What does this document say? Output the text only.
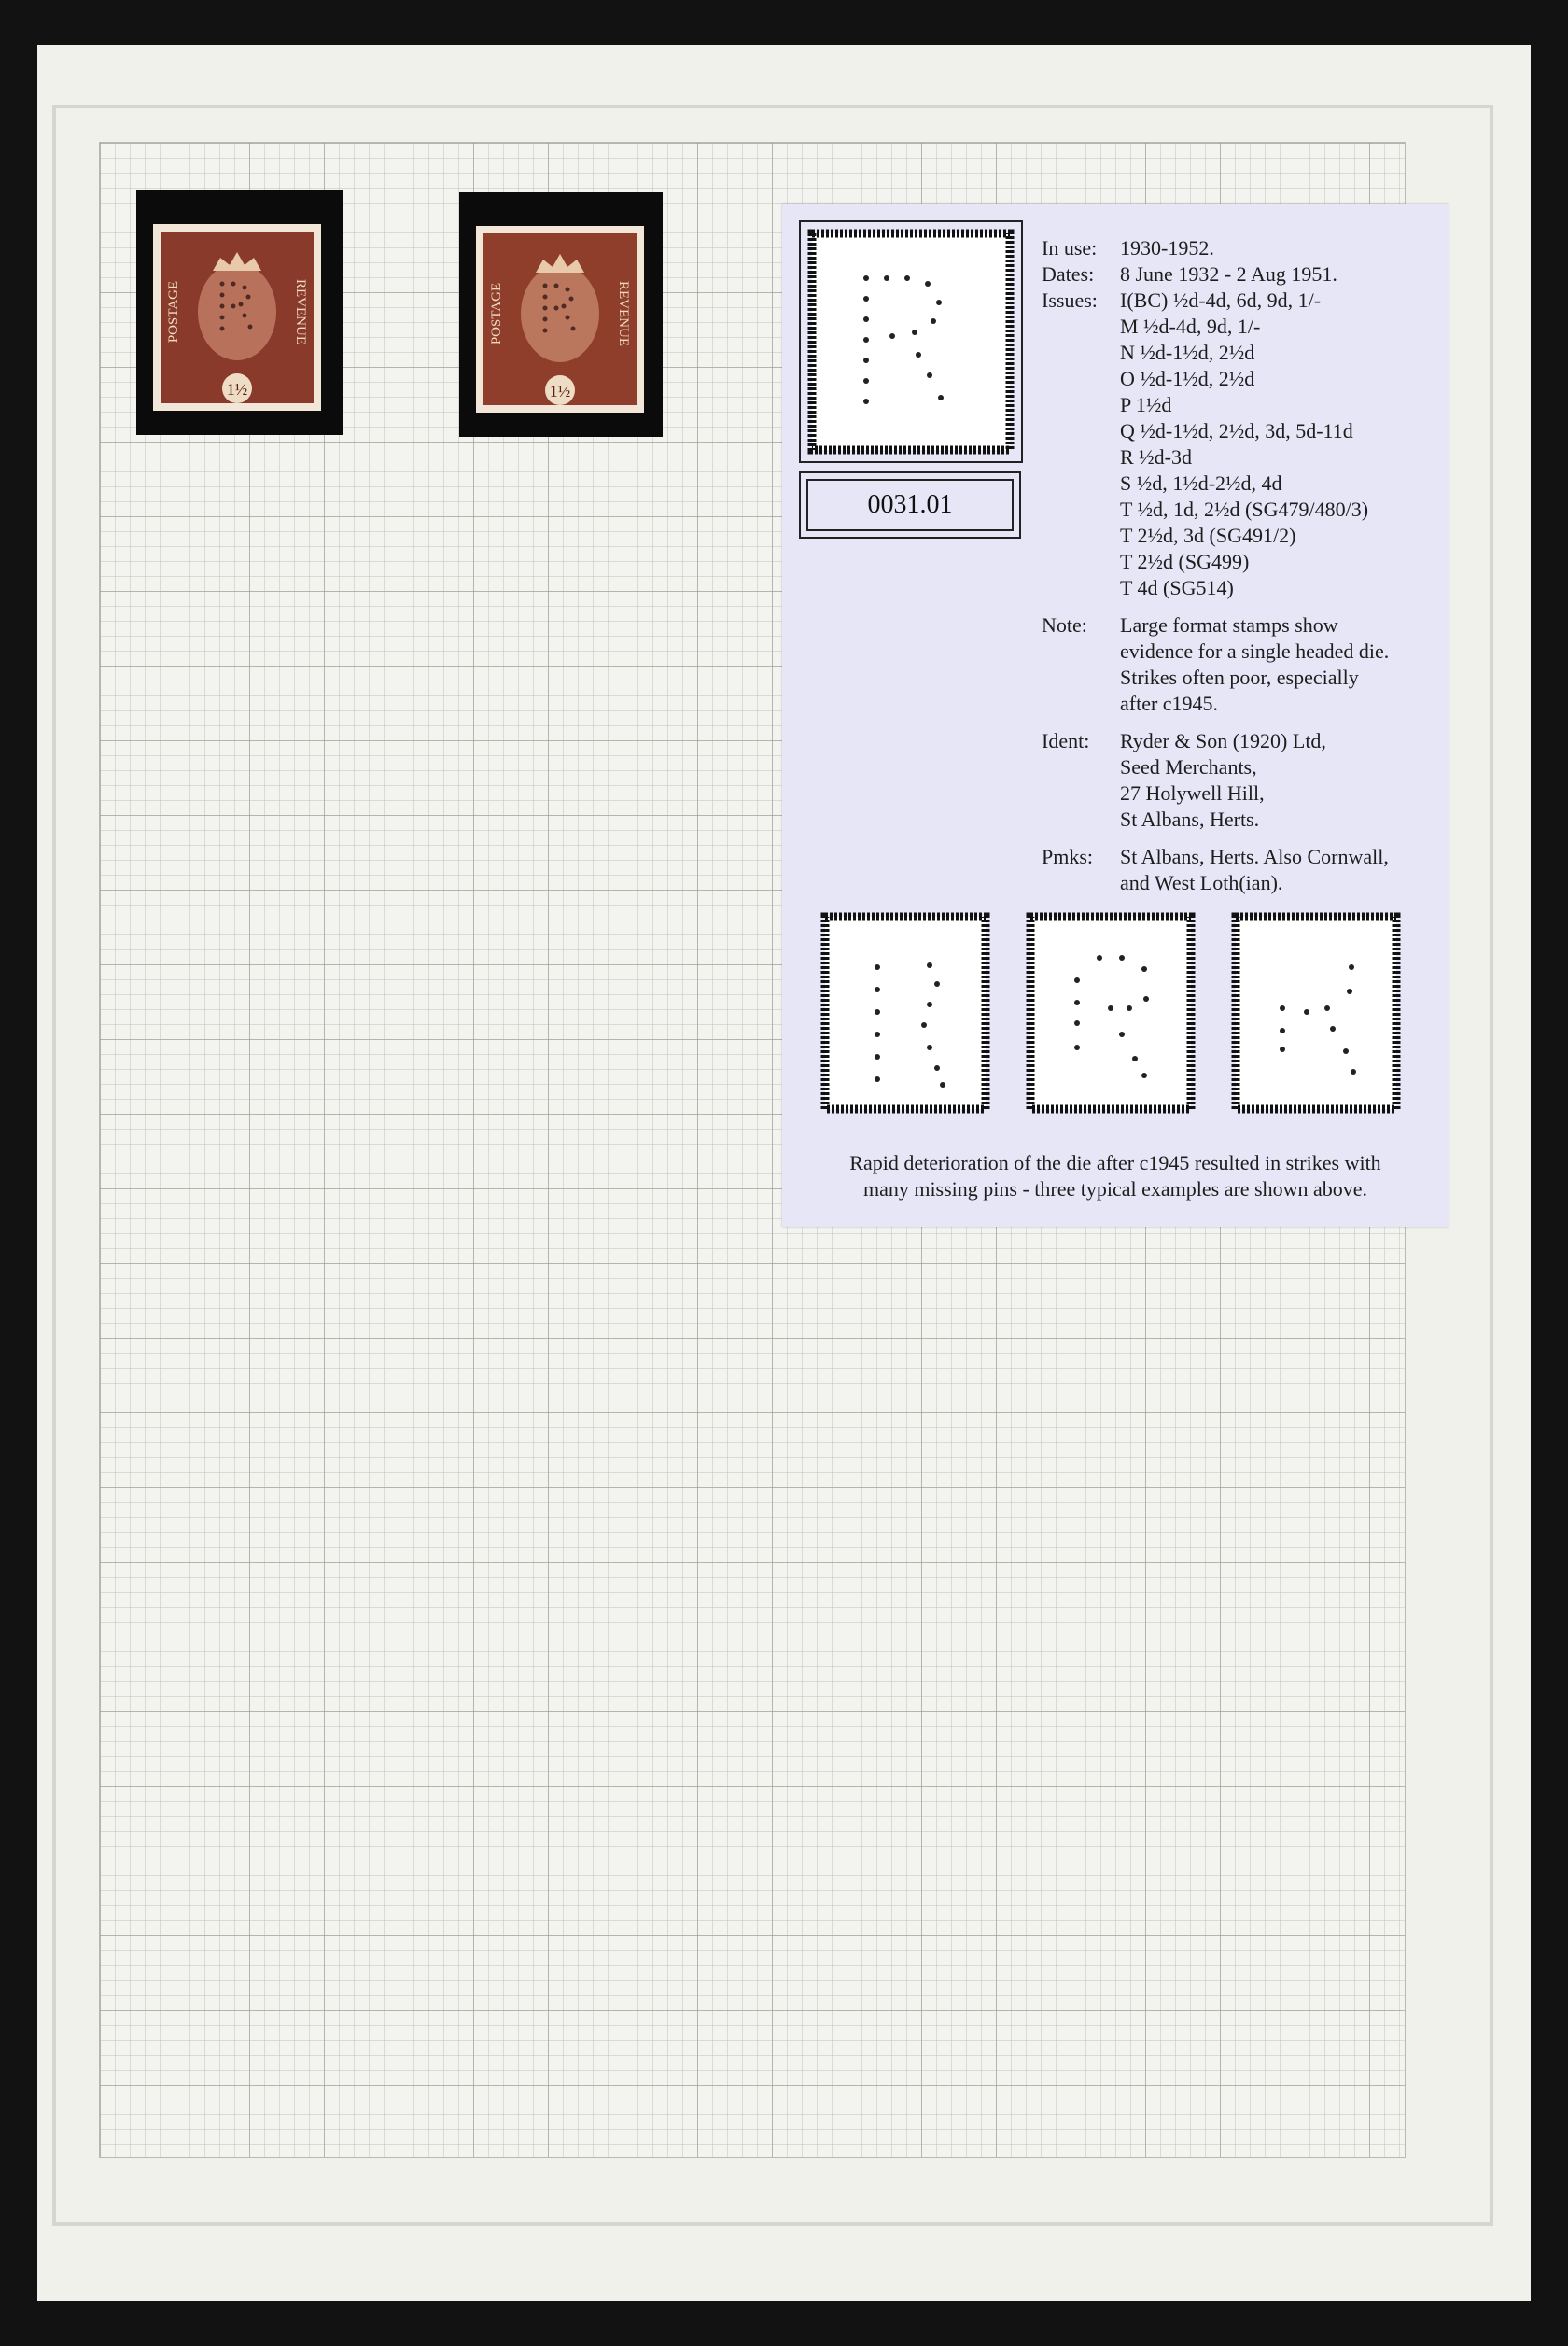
1½
POSTAGE	REVENUE
1½
POSTAGE	REVENUE
0031.01
In use: 1930-1952.
Dates: 8 June 1932 - 2 Aug 1951.
Issues: I(BC) ½d-4d, 6d, 9d, 1/-
M ½d-4d, 9d, 1/-
N ½d-1½d, 2½d
O ½d-1½d, 2½d
P 1½d
Q ½d-1½d, 2½d, 3d, 5d-11d
R ½d-3d
S ½d, 1½d-2½d, 4d
T ½d, 1d, 2½d (SG479/480/3)
T 2½d, 3d (SG491/2)
T 2½d (SG499)
T 4d (SG514)
Note: Large format stamps show
evidence for a single headed die.
Strikes often poor, especially
after c1945.
Ident: Ryder & Son (1920) Ltd,
Seed Merchants,
27 Holywell Hill,
St Albans, Herts.
Pmks: St Albans, Herts. Also Cornwall,
and West Loth(ian).
Rapid deterioration of the die after c1945 resulted in strikes with
many missing pins - three typical examples are shown above.
